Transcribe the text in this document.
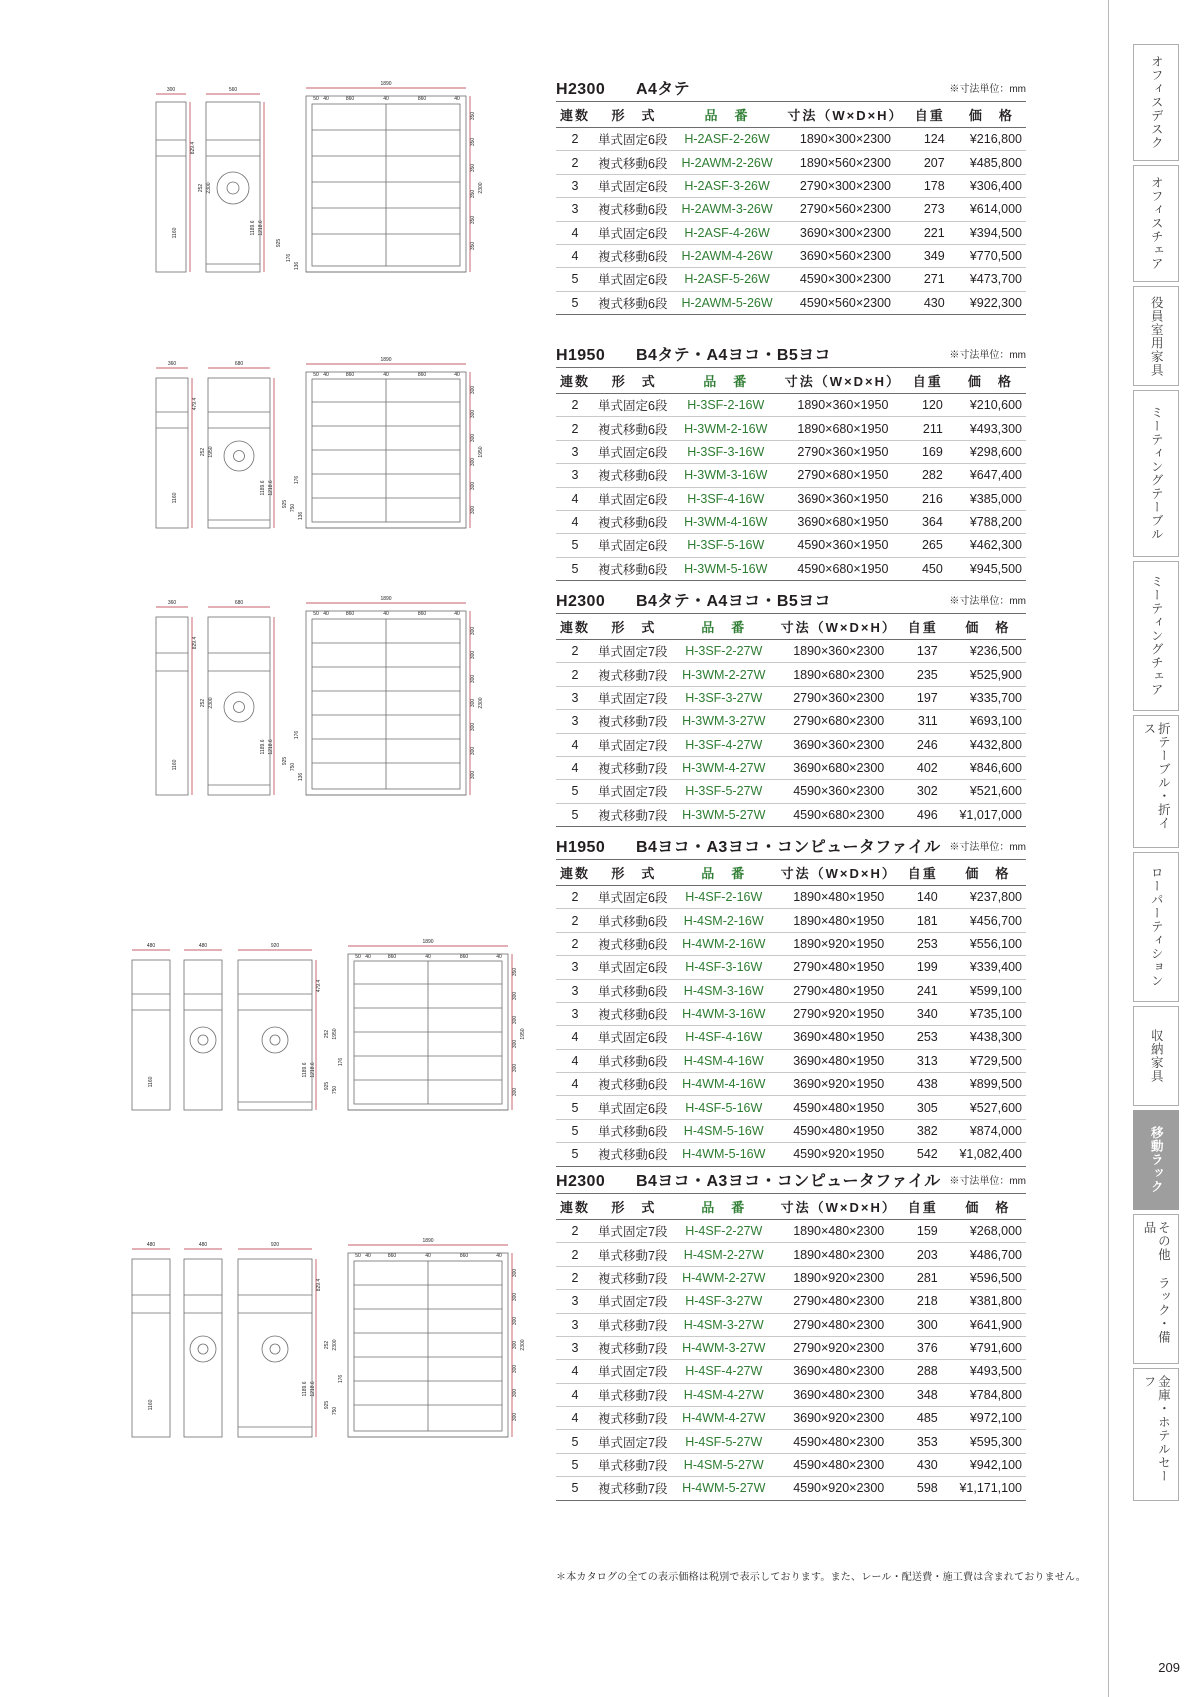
300	560
1890
50 40	860	40	860	40
829.4
252 2300
1189.6 1218.6
1160
925
176
136
350
350
350
350
350
350
2300
360	680
1890
50 40	860	40	860	40
479.4
252 1950
1189.6 1218.6
1160
925 750
176
136
300
300
300
300
300
300
1950
360	680
1890
50 40	860	40	860	40
829.4
252 2300
1189.6 1218.6
1160	925
750
176
136
300
300
300
300
300
300
300
2300
480	480	920
1890
50 40	860	40	860	40
479.4
252 1950
1189.6 1218.6
1160	925 750
176
350
300
300
300
300
300
1950
480	480	920
1890
50 40	860	40	860	40
829.4
252 2300
1189.6 1218.6
1160	925
750
176
300
300
300
300
300
300
300
2300
H2300	A4タテ	※寸法単位：mm
連数	形　式	品　番	寸法（W×D×H）	自重	価　格
2	単式固定6段	H-2ASF-2-26W	1890×300×2300	124	¥216,800
2	複式移動6段	H-2AWM-2-26W	1890×560×2300	207	¥485,800
3	単式固定6段	H-2ASF-3-26W	2790×300×2300	178	¥306,400
3	複式移動6段	H-2AWM-3-26W	2790×560×2300	273	¥614,000
4	単式固定6段	H-2ASF-4-26W	3690×300×2300	221	¥394,500
4	複式移動6段	H-2AWM-4-26W	3690×560×2300	349	¥770,500
5	単式固定6段	H-2ASF-5-26W	4590×300×2300	271	¥473,700
5	複式移動6段	H-2AWM-5-26W	4590×560×2300	430	¥922,300
H1950	B4タテ・A4ヨコ・B5ヨコ	※寸法単位：mm
連数	形　式	品　番	寸法（W×D×H）	自重	価　格
2	単式固定6段	H-3SF-2-16W	1890×360×1950	120	¥210,600
2	複式移動6段	H-3WM-2-16W	1890×680×1950	211	¥493,300
3	単式固定6段	H-3SF-3-16W	2790×360×1950	169	¥298,600
3	複式移動6段	H-3WM-3-16W	2790×680×1950	282	¥647,400
4	単式固定6段	H-3SF-4-16W	3690×360×1950	216	¥385,000
4	複式移動6段	H-3WM-4-16W	3690×680×1950	364	¥788,200
5	単式固定6段	H-3SF-5-16W	4590×360×1950	265	¥462,300
5	複式移動6段	H-3WM-5-16W	4590×680×1950	450	¥945,500
H2300	B4タテ・A4ヨコ・B5ヨコ	※寸法単位：mm
連数	形　式	品　番	寸法（W×D×H）	自重	価　格
2	単式固定7段	H-3SF-2-27W	1890×360×2300	137	¥236,500
2	複式移動7段	H-3WM-2-27W	1890×680×2300	235	¥525,900
3	単式固定7段	H-3SF-3-27W	2790×360×2300	197	¥335,700
3	複式移動7段	H-3WM-3-27W	2790×680×2300	311	¥693,100
4	単式固定7段	H-3SF-4-27W	3690×360×2300	246	¥432,800
4	複式移動7段	H-3WM-4-27W	3690×680×2300	402	¥846,600
5	単式固定7段	H-3SF-5-27W	4590×360×2300	302	¥521,600
5	複式移動7段	H-3WM-5-27W	4590×680×2300	496	¥1,017,000
H1950	B4ヨコ・A3ヨコ・コンピュータファイル ※寸法単位：mm
連数	形　式	品　番	寸法（W×D×H）	自重	価　格
2	単式固定6段	H-4SF-2-16W	1890×480×1950	140	¥237,800
2	単式移動6段	H-4SM-2-16W	1890×480×1950	181	¥456,700
2	複式移動6段	H-4WM-2-16W	1890×920×1950	253	¥556,100
3	単式固定6段	H-4SF-3-16W	2790×480×1950	199	¥339,400
3	単式移動6段	H-4SM-3-16W	2790×480×1950	241	¥599,100
3	複式移動6段	H-4WM-3-16W	2790×920×1950	340	¥735,100
4	単式固定6段	H-4SF-4-16W	3690×480×1950	253	¥438,300
4	単式移動6段	H-4SM-4-16W	3690×480×1950	313	¥729,500
4	複式移動6段	H-4WM-4-16W	3690×920×1950	438	¥899,500
5	単式固定6段	H-4SF-5-16W	4590×480×1950	305	¥527,600
5	単式移動6段	H-4SM-5-16W	4590×480×1950	382	¥874,000
5	複式移動6段	H-4WM-5-16W	4590×920×1950	542	¥1,082,400
H2300	B4ヨコ・A3ヨコ・コンピュータファイル ※寸法単位：mm
連数	形　式	品　番	寸法（W×D×H）	自重	価　格
2	単式固定7段	H-4SF-2-27W	1890×480×2300	159	¥268,000
2	単式移動7段	H-4SM-2-27W	1890×480×2300	203	¥486,700
2	複式移動7段	H-4WM-2-27W	1890×920×2300	281	¥596,500
3	単式固定7段	H-4SF-3-27W	2790×480×2300	218	¥381,800
3	単式移動7段	H-4SM-3-27W	2790×480×2300	300	¥641,900
3	複式移動7段	H-4WM-3-27W	2790×920×2300	376	¥791,600
4	単式固定7段	H-4SF-4-27W	3690×480×2300	288	¥493,500
4	単式移動7段	H-4SM-4-27W	3690×480×2300	348	¥784,800
4	複式移動7段	H-4WM-4-27W	3690×920×2300	485	¥972,100
5	単式固定7段	H-4SF-5-27W	4590×480×2300	353	¥595,300
5	単式移動7段	H-4SM-5-27W	4590×480×2300	430	¥942,100
5	複式移動7段	H-4WM-5-27W	4590×920×2300	598	¥1,171,100
＊本カタログの全ての表示価格は税別で表示しております。また、レール・配送費・施工費は含まれておりません。
オフィスデスク
オフィスチェア
役員室用家具
ミーティングテーブル
ミーティングチェア
折テーブル・折イス
ローパーティション
収納家具
移動ラック
その他 ラック・備品
金庫・ホテルセーフ
209
